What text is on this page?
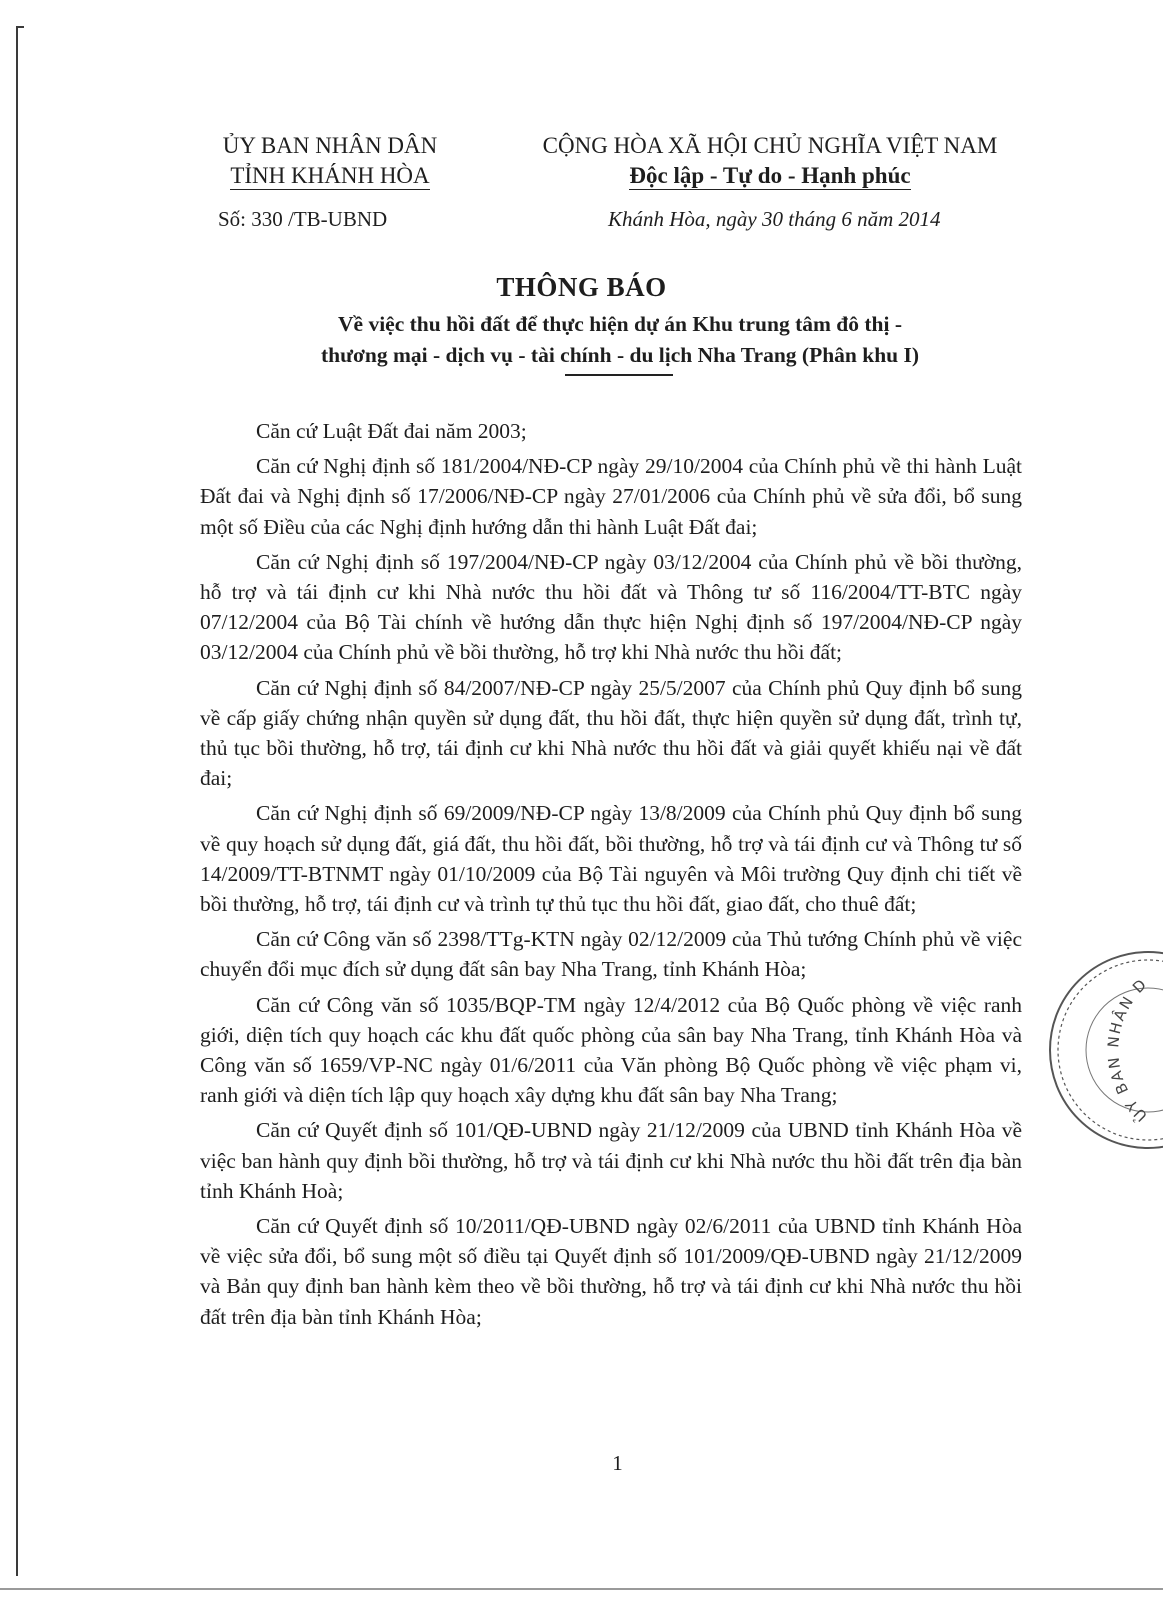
ỦY BAN NHÂN DÂN
TỈNH KHÁNH HÒA
CỘNG HÒA XÃ HỘI CHỦ NGHĨA VIỆT NAM
Độc lập - Tự do - Hạnh phúc
Số: 330 /TB-UBND	Khánh Hòa, ngày 30 tháng 6 năm 2014
THÔNG BÁO
Về việc thu hồi đất để thực hiện dự án Khu trung tâm đô thị -
thương mại - dịch vụ - tài chính - du lịch Nha Trang (Phân khu I)

Căn cứ Luật Đất đai năm 2003;

Căn cứ Nghị định số 181/2004/NĐ-CP ngày 29/10/2004 của Chính phủ về thi hành Luật Đất đai và Nghị định số 17/2006/NĐ-CP ngày 27/01/2006 của Chính phủ về sửa đổi, bổ sung một số Điều của các Nghị định hướng dẫn thi hành Luật Đất đai;

Căn cứ Nghị định số 197/2004/NĐ-CP ngày 03/12/2004 của Chính phủ về bồi thường, hỗ trợ và tái định cư khi Nhà nước thu hồi đất và Thông tư số 116/2004/TT-BTC ngày 07/12/2004 của Bộ Tài chính về hướng dẫn thực hiện Nghị định số 197/2004/NĐ-CP ngày 03/12/2004 của Chính phủ về bồi thường, hỗ trợ khi Nhà nước thu hồi đất;

Căn cứ Nghị định số 84/2007/NĐ-CP ngày 25/5/2007 của Chính phủ Quy định bổ sung về cấp giấy chứng nhận quyền sử dụng đất, thu hồi đất, thực hiện quyền sử dụng đất, trình tự, thủ tục bồi thường, hỗ trợ, tái định cư khi Nhà nước thu hồi đất và giải quyết khiếu nại về đất đai;

Căn cứ Nghị định số 69/2009/NĐ-CP ngày 13/8/2009 của Chính phủ Quy định bổ sung về quy hoạch sử dụng đất, giá đất, thu hồi đất, bồi thường, hỗ trợ và tái định cư và Thông tư số 14/2009/TT-BTNMT ngày 01/10/2009 của Bộ Tài nguyên và Môi trường Quy định chi tiết về bồi thường, hỗ trợ, tái định cư và trình tự thủ tục thu hồi đất, giao đất, cho thuê đất;

Căn cứ Công văn số 2398/TTg-KTN ngày 02/12/2009 của Thủ tướng Chính phủ về việc chuyển đổi mục đích sử dụng đất sân bay Nha Trang, tỉnh Khánh Hòa;

Căn cứ Công văn số 1035/BQP-TM ngày 12/4/2012 của Bộ Quốc phòng về việc ranh giới, diện tích quy hoạch các khu đất quốc phòng của sân bay Nha Trang, tỉnh Khánh Hòa và Công văn số 1659/VP-NC ngày 01/6/2011 của Văn phòng Bộ Quốc phòng về việc phạm vi, ranh giới và diện tích lập quy hoạch xây dựng khu đất sân bay Nha Trang;

Căn cứ Quyết định số 101/QĐ-UBND ngày 21/12/2009 của UBND tỉnh Khánh Hòa về việc ban hành quy định bồi thường, hỗ trợ và tái định cư khi Nhà nước thu hồi đất trên địa bàn tỉnh Khánh Hoà;

Căn cứ Quyết định số 10/2011/QĐ-UBND ngày 02/6/2011 của UBND tỉnh Khánh Hòa về việc sửa đổi, bổ sung một số điều tại Quyết định số 101/2009/QĐ-UBND ngày 21/12/2009 và Bản quy định ban hành kèm theo về bồi thường, hỗ trợ và tái định cư khi Nhà nước thu hồi đất trên địa bàn tỉnh Khánh Hòa;

1
ỦY BAN NHÂN D
